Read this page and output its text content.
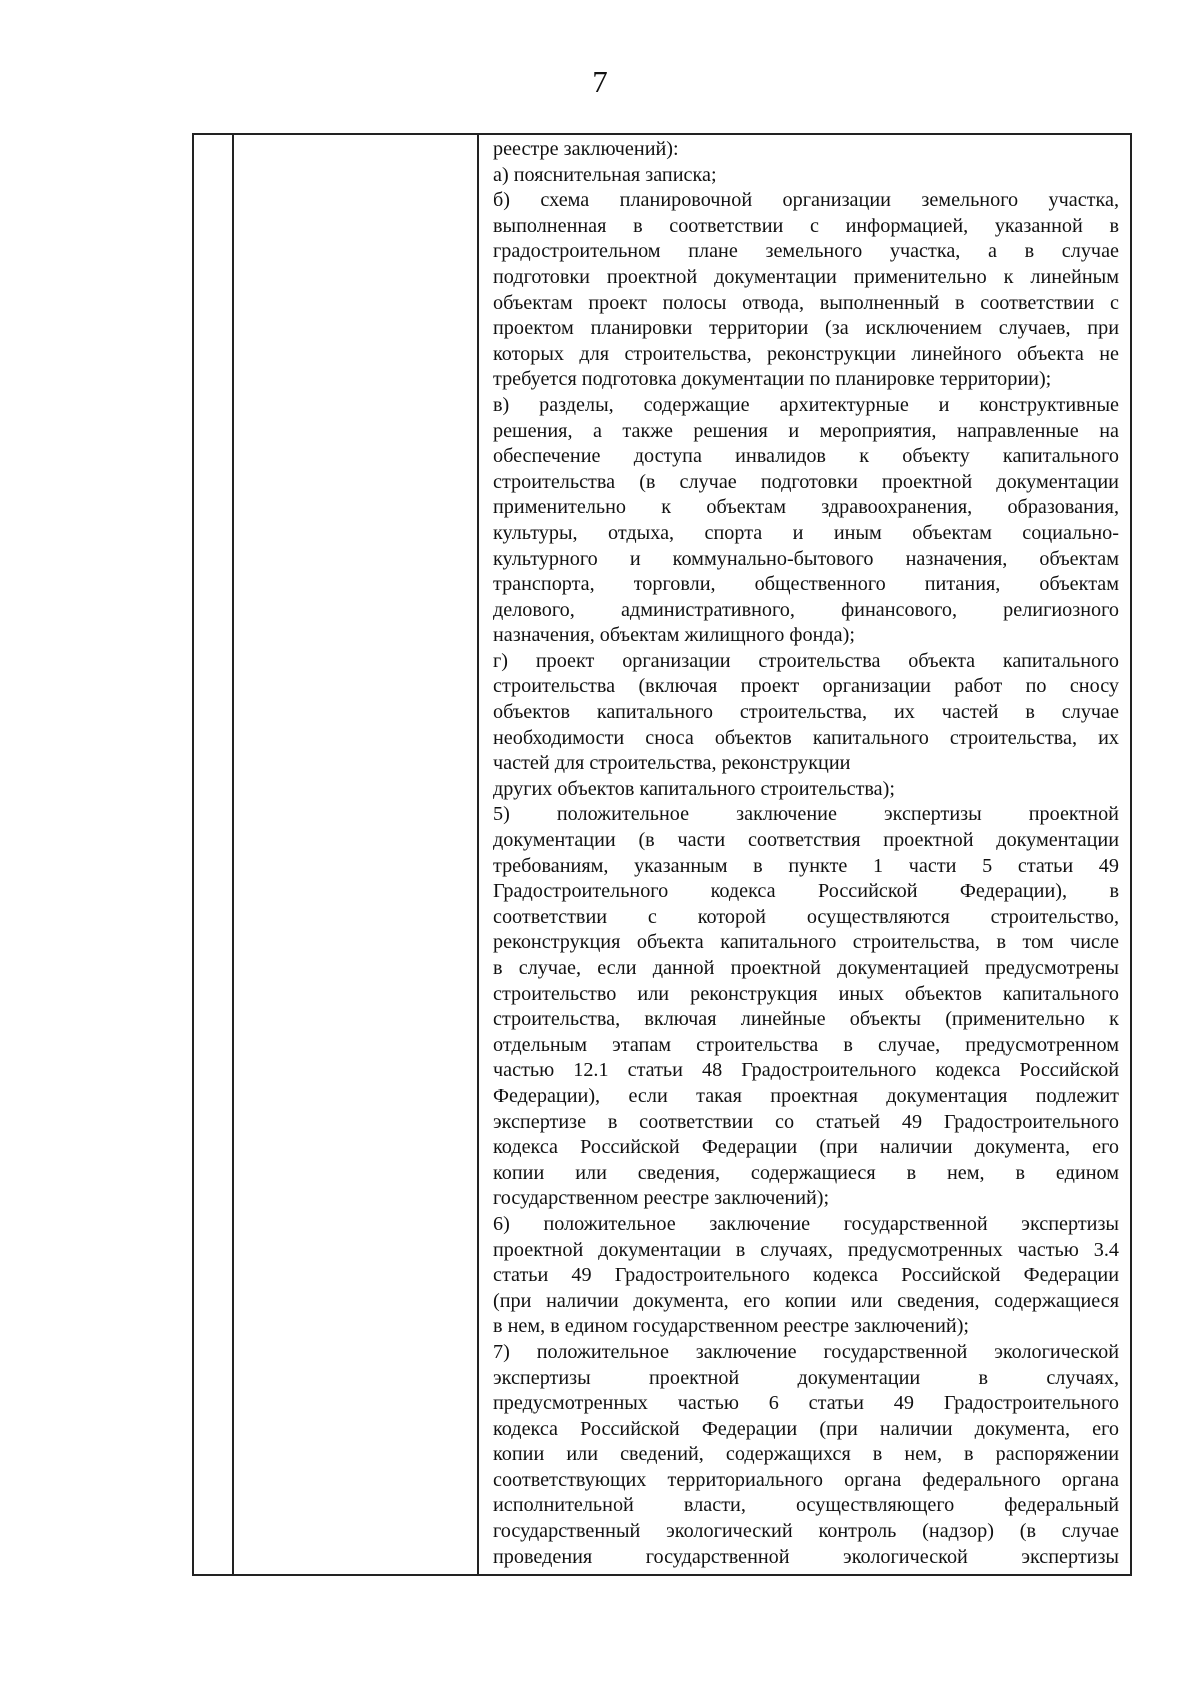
7
реестре заключений):
а) пояснительная записка;
б) схема планировочной организации земельного участка,
выполненная в соответствии с информацией, указанной в
градостроительном плане земельного участка, а в случае
подготовки проектной документации применительно к линейным
объектам проект полосы отвода, выполненный в соответствии с
проектом планировки территории (за исключением случаев, при
которых для строительства, реконструкции линейного объекта не
требуется подготовка документации по планировке территории);
в) разделы, содержащие архитектурные и конструктивные
решения, а также решения и мероприятия, направленные на
обеспечение доступа инвалидов к объекту капитального
строительства (в случае подготовки проектной документации
применительно к объектам здравоохранения, образования,
культуры, отдыха, спорта и иным объектам социально-
культурного и коммунально-бытового назначения, объектам
транспорта, торговли, общественного питания, объектам
делового, административного, финансового, религиозного
назначения, объектам жилищного фонда);
г) проект организации строительства объекта капитального
строительства (включая проект организации работ по сносу
объектов капитального строительства, их частей в случае
необходимости сноса объектов капитального строительства, их
частей для строительства, реконструкции
других объектов капитального строительства);
5) положительное заключение экспертизы проектной
документации (в части соответствия проектной документации
требованиям, указанным в пункте 1 части 5 статьи 49
Градостроительного кодекса Российской Федерации), в
соответствии с которой осуществляются строительство,
реконструкция объекта капитального строительства, в том числе
в случае, если данной проектной документацией предусмотрены
строительство или реконструкция иных объектов капитального
строительства, включая линейные объекты (применительно к
отдельным этапам строительства в случае, предусмотренном
частью 12.1 статьи 48 Градостроительного кодекса Российской
Федерации), если такая проектная документация подлежит
экспертизе в соответствии со статьей 49 Градостроительного
кодекса Российской Федерации (при наличии документа, его
копии или сведения, содержащиеся в нем, в едином
государственном реестре заключений);
6) положительное заключение государственной экспертизы
проектной документации в случаях, предусмотренных частью 3.4
статьи 49 Градостроительного кодекса Российской Федерации
(при наличии документа, его копии или сведения, содержащиеся
в нем, в едином государственном реестре заключений);
7) положительное заключение государственной экологической
экспертизы проектной документации в случаях,
предусмотренных частью 6 статьи 49 Градостроительного
кодекса Российской Федерации (при наличии документа, его
копии или сведений, содержащихся в нем, в распоряжении
соответствующих территориального органа федерального органа
исполнительной власти, осуществляющего федеральный
государственный экологический контроль (надзор) (в случае
проведения государственной экологической экспертизы
